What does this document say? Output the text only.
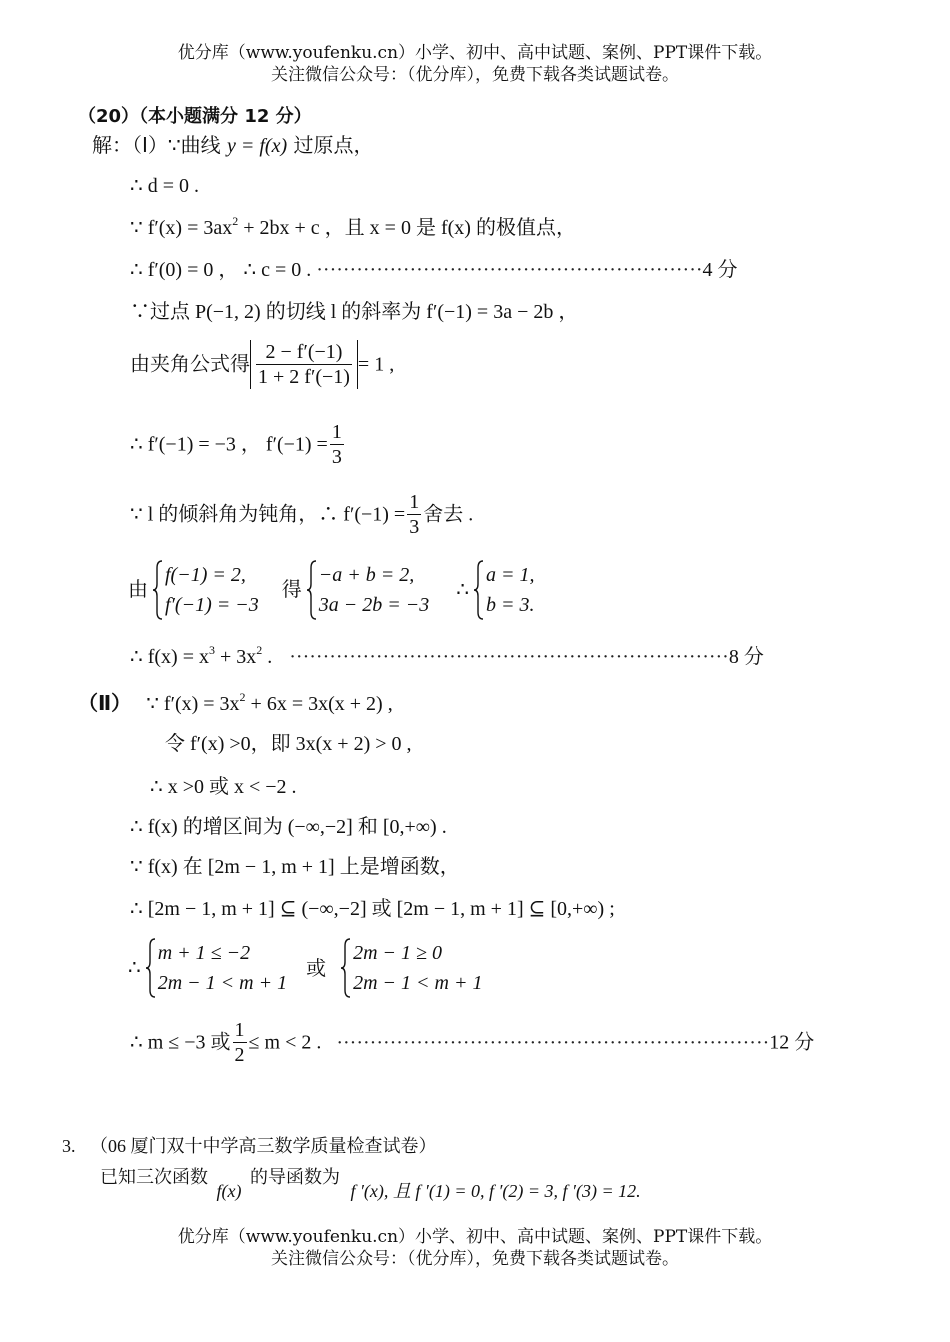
优分库（www.youfenku.cn）小学、初中、高中试题、案例、PPT课件下载。
关注微信公众号：（优分库），免费下载各类试题试卷。
（20）（本小题满分 12 分）
解：（Ⅰ）∵曲线 y = f(x) 过原点，
∴ d = 0 .
∵ $f'(x) = 3ax^2 + 2bx + c$ ，且 x = 0 是 f(x) 的极值点，
∴ f′(0) = 0 ， ∴ c = 0 . ··························································4 分
∵过点 P(−1, 2) 的切线 l 的斜率为 f′(−1) = 3a − 2b ，
由夹角公式得 $\frac{2 - f'(-1)}{1 + 2 f'(-1)} = 1$ ,
∴ f′(−1) = −3 ， $f'(-1) = \frac{1}{3}$
∵ l 的倾斜角为钝角，∴ $f'(-1) = \frac{1}{3}$ 舍去 .
由
f(−1) = 2,
f′(−1) = −3
得
−a + b = 2,
3a − 2b = −3
∴
a = 1,
b = 3.
∴ $f(x) = x^3 + 3x^2$ . ··································································8 分
（Ⅱ） ∵ $f'(x) = 3x^2 + 6x = 3x(x + 2)$ ,
令 f′(x) >0，即 3x(x + 2) > 0 ,
∴ x >0 或 x < −2 .
∴ f(x) 的增区间为 (−∞,−2] 和 [0,+∞) .
∵ f(x) 在 [2m − 1, m + 1] 上是增函数，
∴ [2m − 1, m + 1] ⊆ (−∞,−2] 或 [2m − 1, m + 1] ⊆ [0,+∞) ;
∴
m + 1 ≤ −2
2m − 1 < m + 1
或
2m − 1 ≥ 0
2m − 1 < m + 1
∴ m ≤ −3 或 $\frac{1}{2} \le m < 2$ . ·································································12 分
3. （06 厦门双十中学高三数学质量检查试卷）
已知三次函数 f(x) 的导函数为 f ′(x), 且 f ′(1) = 0, f ′(2) = 3, f ′(3) = 12.
优分库（www.youfenku.cn）小学、初中、高中试题、案例、PPT课件下载。
关注微信公众号：（优分库），免费下载各类试题试卷。
